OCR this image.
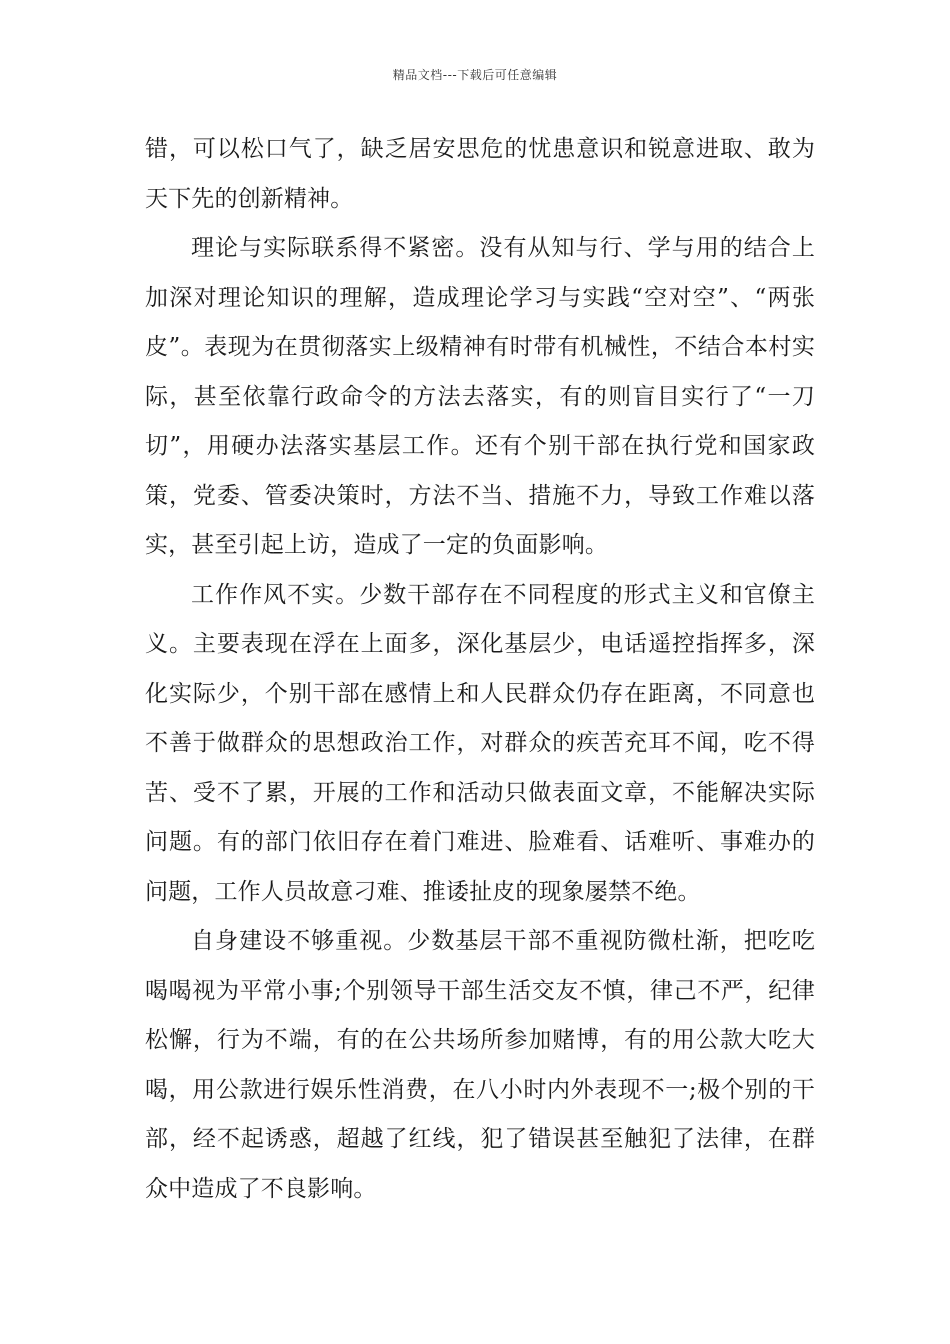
精品文档---下载后可任意编辑

错，可以松口气了，缺乏居安思危的忧患意识和锐意进取、敢为天下先的创新精神。

理论与实际联系得不紧密。没有从知与行、学与用的结合上加深对理论知识的理解，造成理论学习与实践“空对空”、“两张皮”。表现为在贯彻落实上级精神有时带有机械性，不结合本村实际，甚至依靠行政命令的方法去落实，有的则盲目实行了“一刀切”，用硬办法落实基层工作。还有个别干部在执行党和国家政策，党委、管委决策时，方法不当、措施不力，导致工作难以落实，甚至引起上访，造成了一定的负面影响。

工作作风不实。少数干部存在不同程度的形式主义和官僚主义。主要表现在浮在上面多，深化基层少，电话遥控指挥多，深化实际少，个别干部在感情上和人民群众仍存在距离，不同意也不善于做群众的思想政治工作，对群众的疾苦充耳不闻，吃不得苦、受不了累，开展的工作和活动只做表面文章，不能解决实际问题。有的部门依旧存在着门难进、脸难看、话难听、事难办的问题，工作人员故意刁难、推诿扯皮的现象屡禁不绝。

自身建设不够重视。少数基层干部不重视防微杜渐，把吃吃喝喝视为平常小事;个别领导干部生活交友不慎，律己不严，纪律松懈，行为不端，有的在公共场所参加赌博，有的用公款大吃大喝，用公款进行娱乐性消费，在八小时内外表现不一;极个别的干部，经不起诱惑，超越了红线，犯了错误甚至触犯了法律，在群众中造成了不良影响。
